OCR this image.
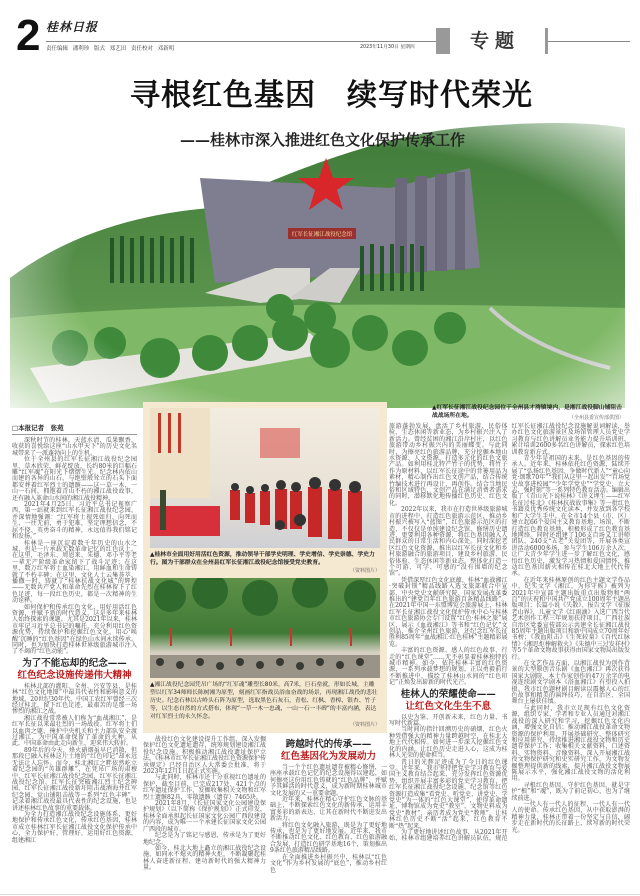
2 桂林日报
责任编辑 潘利珍 版式 郑艺田 责任校对 邓新明	2023年11月30日 星期四	专题
红军长征湘江战役纪念馆
寻根红色基因　续写时代荣光
——桂林市深入推进红色文化保护传承工作
▲红军长征湘江战役纪念园位于全州县才湾镇境内，是湘江战役脚山铺阻击战战场所在地。	（全州县委宣传部供图）
□本报记者　张苑

深秋时节的桂林，天蓝水清，瓜果飘香，收获的喜悦给这座“山水甲天下”的历史文化名城带来了一派蓬勃向上的生机。

位于全州县的红军长征湘江战役纪念园里，草木欣荣，鲜花绽放，长约80米的巨幅石雕“红军魂”在阳光下熠熠生光。纪念林内依山而建的各异的山石，与绝壁般耸立的石头下面都安葬着红军烈士的遗骸——这一草一木，一山一石间，拥抱着青山不朽的湘江战役故事，还有融入革命山水间的湘江战役精神。

2021年4月25日，习近平总书记视察广西，第一站就来到红军长征湘江战役纪念园，并深情地强调：“红军将士视死如归、向死而生、一往无前，勇于犯难，坚定理想信念，不屈不挠、英勇奋斗的精神，永远值得我们铭记和发扬。”

桂林是一座沉淀着数千年历史的山水之城，也是一片承载无数革命记忆的红色沃土。在这里，毛泽东、周恩来、朱德、邓小平等老一辈无产阶级革命家留下了战斗足迹；在这里，数万红军将士血染湘江，用鲜血和生命铸就了不朽丰碑；在这里，文化人士云集荟萃，播撒一时，铸就了“桂林抗战文化城”的辉煌——无数共产党人和革命先烈在桂林留下了红色足迹，每一段红色历史，都是一次精神的生动诠释。

如何保护和传承红色文化，用好用活红色资源，并赋予新的时代意义，这是多年来桂林人始终探索的课题。尤其是2021年以来，桂林市牢记习近平总书记的嘱托，充分利用红色资源优势，持续保护和挖掘红色文化，用心‘唤醒’沉睡的“红色基因”在绿色山水间永续传承。同时，也为加快打造桂林世界级旅游城市注入了不竭的“红色动能”。

为了不能忘却的纪念——
红色纪念设施传递伟大精神

桂林北部的灌阳、全州、兴安等县，是桂林“红色文化地图”中最具代表性和影响意义的地域。20世纪30年代，中国工农红军曾经三次经过桂北，留下红色足迹，最艰苦的是那一场惨烈的湘江之战。

湘江战役常常被人们称为“血战湘江”，是红军长征以来最壮烈的一场战役。红军将士们以血肉之躯，掩护中央机关和主力部队安全渡过湘江，为中国革命保留了革命的火种。从此，中国革命由此走向新生，迎来伟大转折。

89年后的今天，烽火硝烟虽早已消散，但那段已融入桂林这片土地的“红色印记”却永远无法让人忘怀。而今，桂北湘江之畔依然屹立着纪念园的“英雄群雕”，在凭吊广场的肃穆中，红军长征湘江战役纪念园、红军长征湘江战役纪念馆、红军长征突破湘江烈士纪念碑园、红军长征湘江战役新圩阻击战酒海井红军纪念园、觉山铺阻击战等一系列“红色丰碑”，记录着湘江战役最具代表性的纪念设施，也是讲述桂林红色故事的重要载体。

为全力打造湘江战役纪念设施体系，更好地保护和传承红色文化，传承红色基因，桂林市成立桂林红军长征湘江战役文化保护传承中心，全力保护好、管理好、运用好红色资源，组建湘江

▲桂林市全面用好用活红色资源，推动领导干部学史明理、学史增信、学史崇德、学史力行。图为干部群众在全州县红军长征湘江战役纪念馆接受党史教育。
（资料图片）
▲湘江战役纪念园凭吊广场的“红军魂”雕塑长80米，高7米，巨石垒就，形如长城，主雕塑以红军34师师长陈树湘为原型，刻画红军指战员浴血奋战的场景，再现湘江战役的悲壮历史。纪念石林以古岭头石阵为原型，选取黑色石灰石，青松、红枫、香樟、银杏、竹子等，以生态自然的方式搭布，体现“一草一木一忠魂，一山一石一丰碑”的丰富内涵，表达对红军烈士的永久怀念。
（资料图片）

战役红色文化建设提升工作组，深入发掘保护红色文化遗址遗存，统筹规划建设湘江战役纪念设施。积极推动湘江战役遗址保护立法，《桂林市红军长征湘江战役红色资源保护传承规定》已经自治区人大常委会批准，将于2023年12月1日起正式实施。

与此同时，桂林市还十分重视红色遗址的保护，截至目前，已完成217处、421个点的红军遗址保护工作，发掘收集相关文物和红军烈士遗骸82具，零散遗骸（遗存）7465块。

2021年8月，《长征国家文化公园建设保护规划》（以下简称《保护规划》）正式印发，桂林全面承担起长征国家文化公园广西段建设的内容，成为唯一一个承建长征国家文化公园广西段的城市。

纪念是为了铭记与感恩，传承是为了更好地纪念。

如今，桂北大地上矗立的湘江战役纪念设施，如同永不熄灭的精神火炬，不断凝聚起桂林人奋进新征程、建功新时代的强大精神力量。

跨越时代的传承——
红色基因化为发展动力

当一个个红色遗址遗存被精心修缮，一座座承载红色记忆的纪念设施得以建起，如何擦亮这份用红色铸就的“红色品牌”，并赋予其鲜活的时代意义，成为新时期桂林城市文化发展的又一重要命题。

近年来，桂林在精心守护红色文脉的基础上，不断探索红色文化的新传承，运用丰富多彩的新表达，让其在新时代不断迸发出新活力。

将红色文化融入旅游，既是为了更好地传承，也是为了更好地发展。近年来，我市不断推动红色文化、红色教育、红色旅游融合发展，打造红色研学基地16个，策划推出9条红色旅游精品线路。

在全面推进乡村振兴中，桂林以“红色文化”作为乡村发展的“底色”，推动乡村红色

旅游蓬勃发展，盘活了乡村旅游、民俗体验、生态休闲等新业态，为乡村振兴注入了新活力。曾经贫困的湘江沿岸村庄，以红色旅游带动乡村振兴内的美丽蝶变。与此同时，为擦亮红色旅游品牌，充分挖掘本地山水资源、人文资源，打造多元化的红色文旅产品。如利用桂北特产竹子的优势，将竹子作为原材料，以红军长征途中的背篓用品为素材，精心制作出红色文创产品，结合传统竹编技术进行再设计，再创作。结合当地民俗和区域特色，文创产品在满足消费者需求的同时，潜移默化地传播红色历史、红色文化。

2022年以来，我市在打造世界级旅游城市的进程中，打造红色旅游示范区，推动乡村振兴被写入“蓝图”，红色旅游示范区的打造，不仅仅是单纯建设纪念馆、修缮历史遗迹，更要利用各种资源，将红色基因融入人民群众的日常生活和内心深处。同时深挖老区红色文化资源，推出以红军长征文化和乡村旅游融合的旅游项目，建设乡村旅游、民俗体验、生态休闲等新业态。整体化打造一个可游、可学、可感的“没有围墙的纪念馆”。

凭借深厚红色文化底蕴，桂林“血战湘江·突破封锁”精品线路入选文旅部联合中宣部、中央党史文献研究院、国家发展改革委推出的“建党百年红色旅游百条精品线路”。在2021年中国一东盟博览会旅游展上，桂林红军长征湘江战役文化保护传承中心与桂林市红色旅游协会专门设置“红色·桂林之旅”展区，展示《血战湘江》等书和“红色记忆”文创品，推介全州红色旅游，还纪念红军长征胜利85周年“血战湘江·红色桂林”主题精彩展览。

丰富的红色资源、感人的红色故事、行走的“红色课堂”……无不彰显着桂林独特的城市精神。如今，依托桂林丰富的红色资源，一系列承载梦想的规划，正以勇毅前行不断推进中，描绘了桂林山水间的“红色印记”正焕发出崭新的时代光芒。

桂林人的荣耀使命——
让红色文化生生不息

以史为鉴，开创新未来，红色力量，书写时代新篇。

当时间的指针回溯历史的硝烟，红色火种凭借强大的精神力量跨越时空，在桂北大地上代代相传。如何进一步深入挖掘红色文化的内涵，让红色历史走进人心，这成为桂林人光荣的使命担当。

昔日的光辉足迹成为了今日的红色课堂。近年来，我市坚持把党史学习教育与爱国主义教育结合起来，充分发挥红色资源优势，组织开展丰富多彩的党史学习教育，把红军长征湘江战役纪念设施、纪念馆等红色资源打造成集“看党史、听党史、讲党史、学党史”为一体的“红色大课堂”，使得革命遗址、博物馆成为党史“教室”，文物史料成为党史“教材”，亲历者成为党史“教师”，让桂林红色历史不断“活”起来，红色教育不断“热”起来。

为了更好地讲述红色故事，从2021年开始，桂林市组建培养红色讲解员队伍，规范红军长征湘江战役纪念设施解说词解读，举办红色文化旅游景区及场馆管理人员党史学习教育与红色讲解员业务能力提升培训班，累计培训2600多名红色讲解员，探索红色培训教育新方式。

青少年是祖国的未来，是红色基因的传承人。近年来，桂林依托红色资源，陆续开展了“弘扬红色基因，争做时代新人”“童心向党·颂歌70年”“我们从这里一起出发”“百场党史故事进校园”“少年学党史”“学党史，立大志，强时刻”等一系列特色教育活动。编辑出版了《青山光下说桂林》《讲义埋生——红军长征过桂北》《桂林抗战故事集》等一批红色书籍及优秀传统文化读本，并发放到各学校和广大学生手中。在全市14个县（市、区）建立起66个爱国主义教育基地、场馆，不断打造红色教育基地，积极形成了红色教育基地网络。同时还组建了106支百场义工讲师团队、240支“五老”关爱团等，开展各类宣讲活动6000多场，参与学生106万余人次，让广大青少年学生进一步了解红色文化，感悟红色历史，激发学习热情和爱国情怀，推动红色基因薪火相传在桂北大地上代代传承。

在近年来桂林原创的红色主题文学作品中，纪实文学《湘江，为你守候》被列为2021年中宣部主题出版重点出版物和“两百”的庆祝和中国共产党成立100周年主题出版项目；长篇小说《失散》、报告文学《征服老山界》，儿童文学《红雨滴》入选广西当代艺术创作工程三年规划扶持项目，广西壮族自治区党委宣传部公示共建全长征湘江战役85周年主题出版项目和新中国成立70周年好书榜；《我血阻击》《生死较量》《百代红脉情》《湘思炬棒解救火》《朱德中三过发祥村》等5个革命文物故事获得由国家文物局出版发行。

在文艺作品方面，以湘江战役为创作背景的大型原创音乐剧《血色湘江》再次获得国家大剧院，本土作家创作的47万余字的电视连续剧文学剧本《浴血湘江》有望投入拍摄。我市红色题材剧目解读以震撼人心的红色故事和精美的演绎技巧，在自治区、全国舞台上屡获佳绩。

与此同时，我市立足现有红色文化资源，组织专家、学者和专业人员通过对湘江战役的深入研究和学习，挖掘红色文化内涵，增强文化自信；推动湘江战役革命文物资源的保护利用，开展基础研究、整体研究和应用研究，持续推进湘江战役文物和历史遗存保护工作；收集相关文献资料，口述资料、实物资料、音像资料，深入开展湘江战役文物保护研究和史实研究工作，为文物发掘整理提供新的线索，提升湘江战役文物展陈展示水平，强化湘江战役文物的活化利用。

寻根红色基因，守护红色基因，就是守护“根”和“魂”，既为了前记初心，也为了继续前进。

一代人有一代人的征程，一代人有一代人的使命。传承红色基因，从中获取澎湃的精神力量，桂林正带着一份坚定与自信，阔步走在新时代的长征路上，续写新的时代荣光。
